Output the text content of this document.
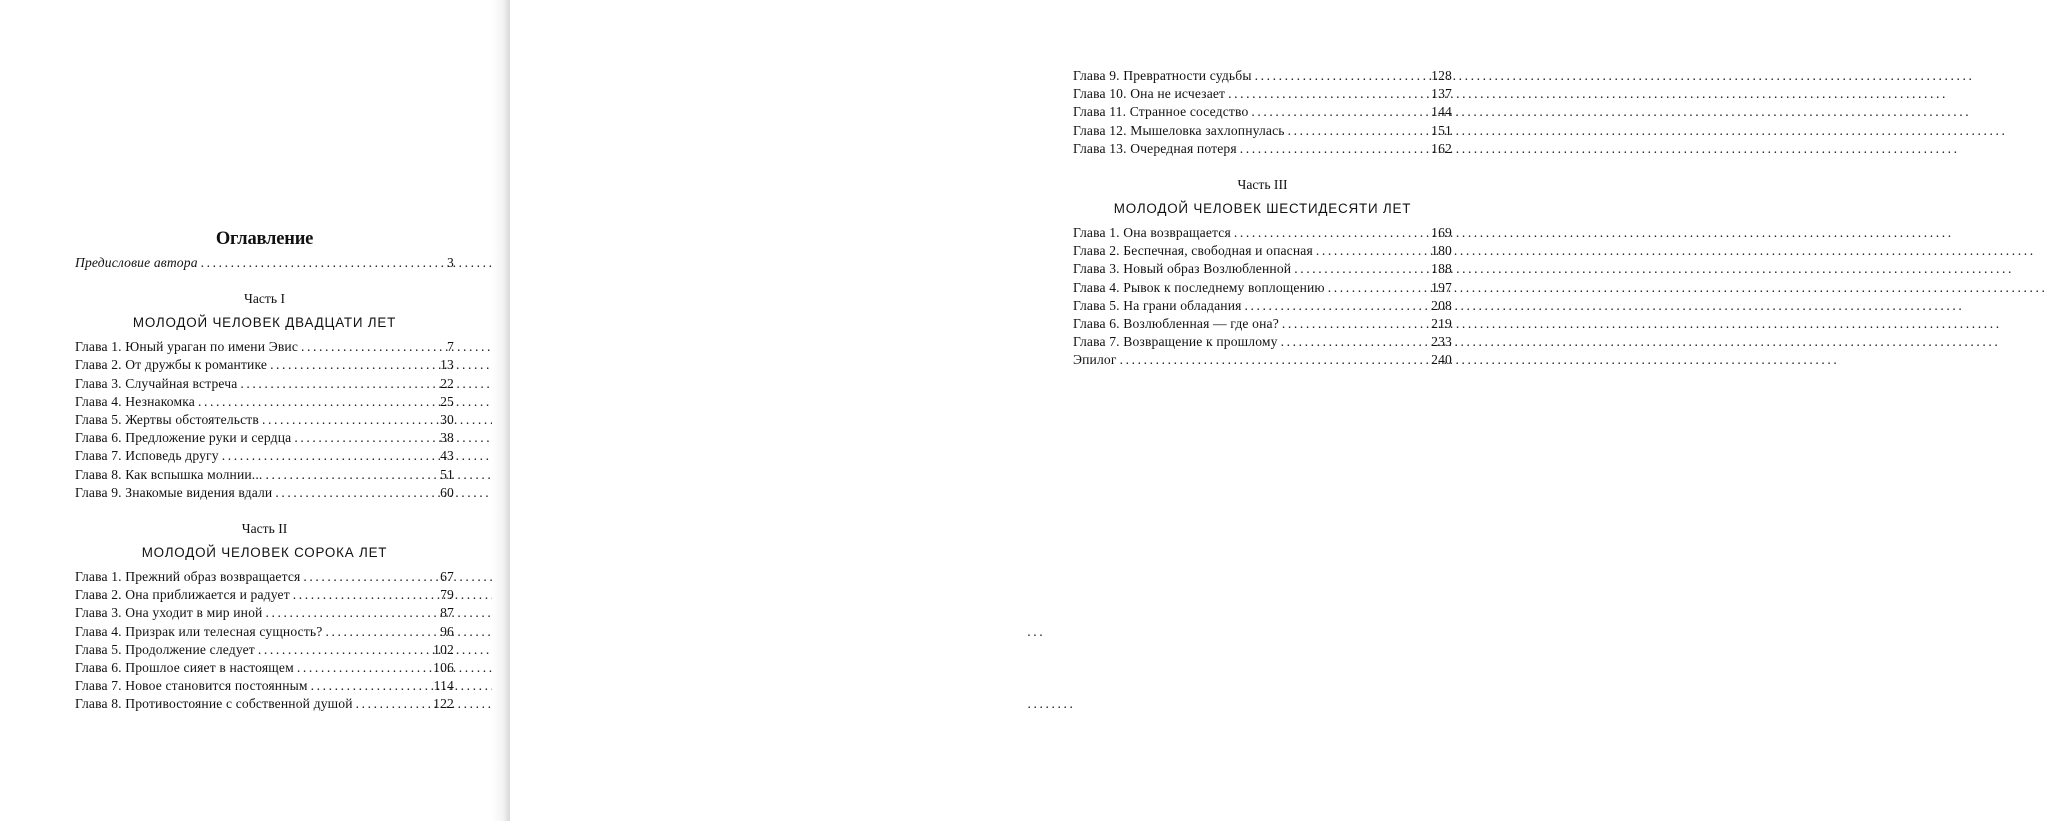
Оглавление
Предисловие автора .....	3
Часть I
МОЛОДОЙ ЧЕЛОВЕК ДВАДЦАТИ ЛЕТ
Глава 1. Юный ураган по имени Эвис .....	7
Глава 2. От дружбы к романтике .....	13
Глава 3. Случайная встреча .....	22
Глава 4. Незнакомка .....	25
Глава 5. Жертвы обстоятельств .....	30
Глава 6. Предложение руки и сердца .....	38
Глава 7. Исповедь другу .....	43
Глава 8. Как вспышка молнии... .....	51
Глава 9. Знакомые видения вдали .....	60
Часть II
МОЛОДОЙ ЧЕЛОВЕК СОРОКА ЛЕТ
Глава 1. Прежний образ возвращается .....	67
Глава 2. Она приближается и радует .....	79
Глава 3. Она уходит в мир иной .....	87
Глава 4. Призрак или телесная сущность? .....	96
Глава 5. Продолжение следует .....	102
Глава 6. Прошлое сияет в настоящем .....	106
Глава 7. Новое становится постоянным .....	114
Глава 8. Противостояние с собственной душой .....	122
Глава 9. Превратности судьбы .....	128
Глава 10. Она не исчезает .....	137
Глава 11. Странное соседство .....	144
Глава 12. Мышеловка захлопнулась .....	151
Глава 13. Очередная потеря .....	162
Часть III
МОЛОДОЙ ЧЕЛОВЕК ШЕСТИДЕСЯТИ ЛЕТ
Глава 1. Она возвращается .....	169
Глава 2. Беспечная, свободная и опасная .....	180
Глава 3. Новый образ Возлюбленной .....	188
Глава 4. Рывок к последнему воплощению .....	197
Глава 5. На грани обладания .....	208
Глава 6. Возлюбленная — где она? .....	219
Глава 7. Возвращение к прошлому .....	233
Эпилог .....	240
